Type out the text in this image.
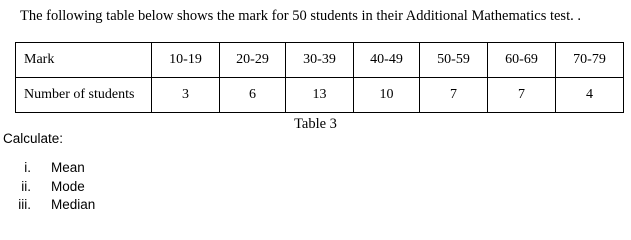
The following table below shows the mark for 50 students in their Additional Mathematics test. .
Mark	10-19	20-29	30-39	40-49	50-59	60-69	70-79
Number of students	3	6	13	10	7	7	4
Table 3
Calculate:
i. Mean
ii. Mode
iii. Median
